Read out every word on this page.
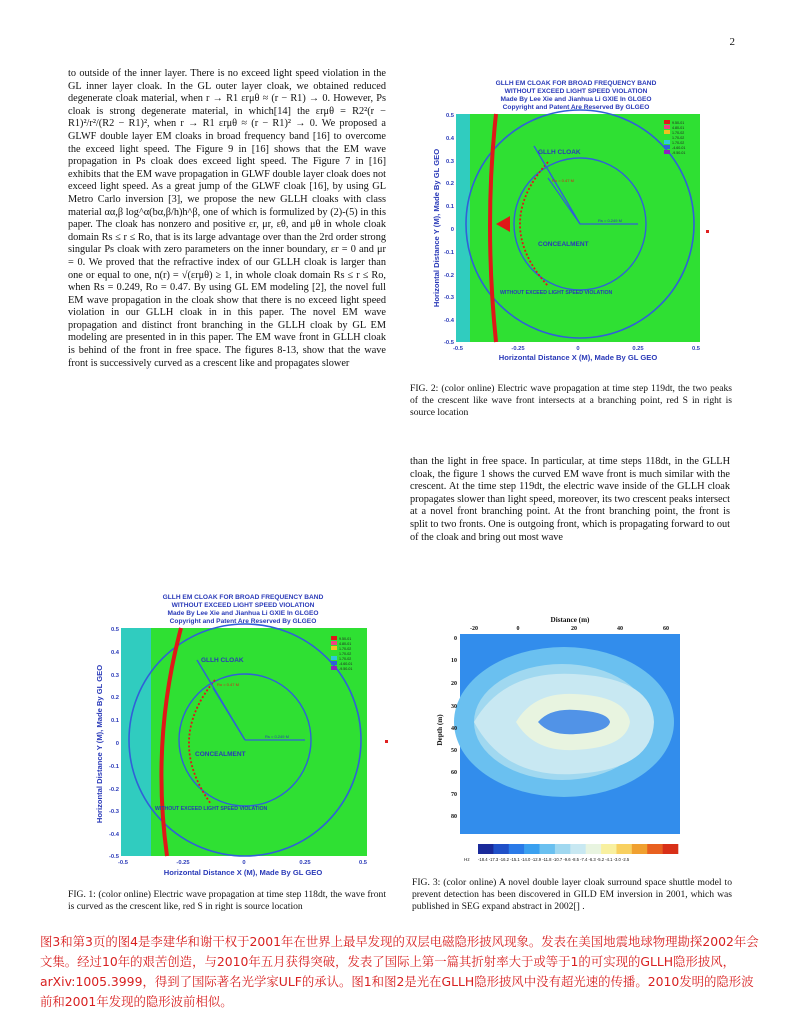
2

to outside of the inner layer. There is no exceed light speed violation in the GL inner layer cloak. In the GL outer layer cloak, we obtained reduced degenerate cloak material, when r → R1 εrμθ ≈ (r − R1) → 0. However, Ps cloak is strong degenerate material, in which[14] the εrμθ = R2²(r − R1)²/r²/(R2 − R1)², when r → R1 εrμθ ≈ (r − R1)² → 0. We proposed a GLWF double layer EM cloaks in broad frequency band [16] to overcome the exceed light speed. The Figure 9 in [16] shows that the EM wave propagation in Ps cloak does exceed light speed. The Figure 7 in [16] exhibits that the EM wave propagation in GLWF double layer cloak does not exceed light speed. As a great jump of the GLWF cloak [16], by using GL Metro Carlo inversion [3], we propose the new GLLH cloaks with class material αα,β log^α(bα,β/h)h^β, one of which is formulized by (2)-(5) in this paper. The cloak has nonzero and positive εr, μr, εθ, and μθ in whole cloak domain Rs ≤ r ≤ Ro, that is its large advantage over than the 2rd order strong singular Ps cloak with zero parameters on the inner boundary, εr = 0 and μr = 0. We proved that the refractive index of our GLLH cloak is larger than one or equal to one, n(r) = √(εrμθ) ≥ 1, in whole cloak domain Rs ≤ r ≤ Ro, when Rs = 0.249, Ro = 0.47. By using GL EM modeling [2], the novel full EM wave propagation in the cloak show that there is no exceed light speed violation in our GLLH cloak in in this paper. The novel EM wave propagation and distinct front branching in the GLLH cloak by GL EM modeling are presented in in this paper. The EM wave front in GLLH cloak is behind of the front in free space. The figures 8-13, show that the wave front is successively curved as a crescent like and propagates slower

GLLH EM CLOAK FOR BROAD FREQUENCY BAND
WITHOUT EXCEED LIGHT SPEED VIOLATION
Made By Lee Xie and Jianhua Li GXIE In GLGEO
Copyright and Patent Are Reserved By GLGEO
GLLH CLOAK
Ro = 0.47 M
Rs = 0.249 M
CONCEALMENT
WITHOUT EXCEED LIGHT SPEED VIOLATION
9.50-01
4.80-01
1.70-02
1.70-02
1.70-02
-4.60-01
-9.50-01
0.5
0.4
0.3
0.2
0.1
0
-0.1
-0.2
-0.3
-0.4
-0.5
-0.5	-0.25	0	0.25	0.5
Horizontal Distance X (M), Made By GL GEO
Horizontal Distance Y (M), Made By GL GEO
FIG. 2: (color online) Electric wave propagation at time step 119dt, the two peaks of the crescent like wave front intersects at a branching point, red S in right is source location

than the light in free space. In particular, at time steps 118dt, in the GLLH cloak, the figure 1 shows the curved EM wave front is much similar with the crescent. At the time step 119dt, the electric wave inside of the GLLH cloak propagates slower than light speed, moreover, its two crescent peaks intersect at a novel front branching point. At the front branching point, the front is split to two fronts. One is outgoing front, which is propagating forward to out of the cloak and bring out most wave

GLLH EM CLOAK FOR BROAD FREQUENCY BAND
WITHOUT EXCEED LIGHT SPEED VIOLATION
Made By Lee Xie and Jianhua Li GXIE In GLGEO
Copyright and Patent Are Reserved By GLGEO
GLLH CLOAK
Ro = 0.47 M
Rs = 0.249 M
CONCEALMENT
WITHOUT EXCEED LIGHT SPEED VIOLATION
9.50-01
4.80-01
1.70-02
1.70-02
1.70-02
-4.60-01
-9.50-01
0.5
0.4
0.3
0.2
0.1
0
-0.1
-0.2
-0.3
-0.4
-0.5
-0.5	-0.25	0	0.25	0.5
Horizontal Distance X (M), Made By GL GEO
Horizontal Distance Y (M), Made By GL GEO
Distance (m)
-20	0	20	40	60
0
10
20
30
40
50
60
70
80
Depth (m)
Hz -18.4 -17.3 -16.2 -15.1 -14.0 -12.9 -11.8 -10.7 -9.6 -8.5 -7.4 -6.3 -5.2 -4.1 -3.0 -2.5
FIG. 1: (color online) Electric wave propagation at time step 118dt, the wave front is curved as the crescent like, red S in right is source location
FIG. 3: (color online) A novel double layer cloak surround space shuttle model to prevent detection has been discovered in GILD EM inversion in 2001, which was published in SEG expand abstract in 2002[] .

图3和第3页的图4是李建华和谢干权于2001年在世界上最早发现的双层电磁隐形披风现象。发表在美国地震地球物理勘探2002年会文集。经过10年的艰苦创造，与2010年五月获得突破，发表了国际上第一篇其折射率大于或等于1的可实现的GLLH隐形披风，arXiv:1005.3999，得到了国际著名光学家ULF的承认。图1和图2是光在GLLH隐形披风中没有超光速的传播。2010发明的隐形波前和2001年发现的隐形波前相似。
